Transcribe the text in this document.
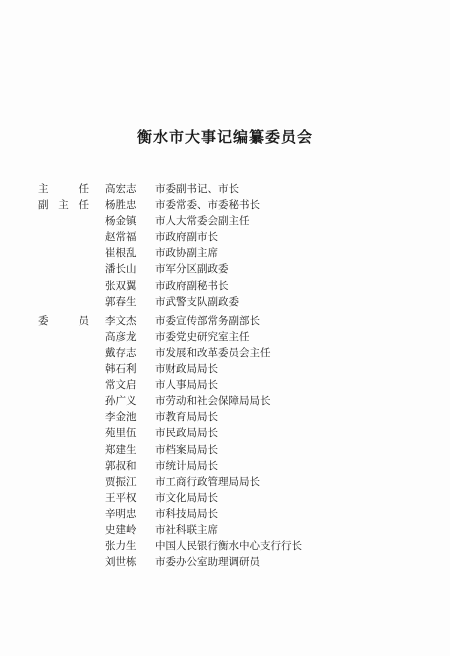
衡水市大事记编纂委员会
主	任 高宏志	市委副书记、市长
副 主 任 杨胜忠	市委常委、市委秘书长
杨金镇	市人大常委会副主任
赵常福	市政府副市长
崔根乱	市政协副主席
潘长山	市军分区副政委
张双翼	市政府副秘书长
郭春生	市武警支队副政委
委	员 李文杰	市委宣传部常务副部长
高彦龙	市委党史研究室主任
戴存志	市发展和改革委员会主任
韩石利	市财政局局长
常文启	市人事局局长
孙广义	市劳动和社会保障局局长
李金池	市教育局局长
苑里伍	市民政局局长
郑建生	市档案局局长
郭叔和	市统计局局长
贾振江	市工商行政管理局局长
王平权	市文化局局长
辛明忠	市科技局局长
史建岭	市社科联主席
张力生	中国人民银行衡水中心支行行长
刘世栋	市委办公室助理调研员
